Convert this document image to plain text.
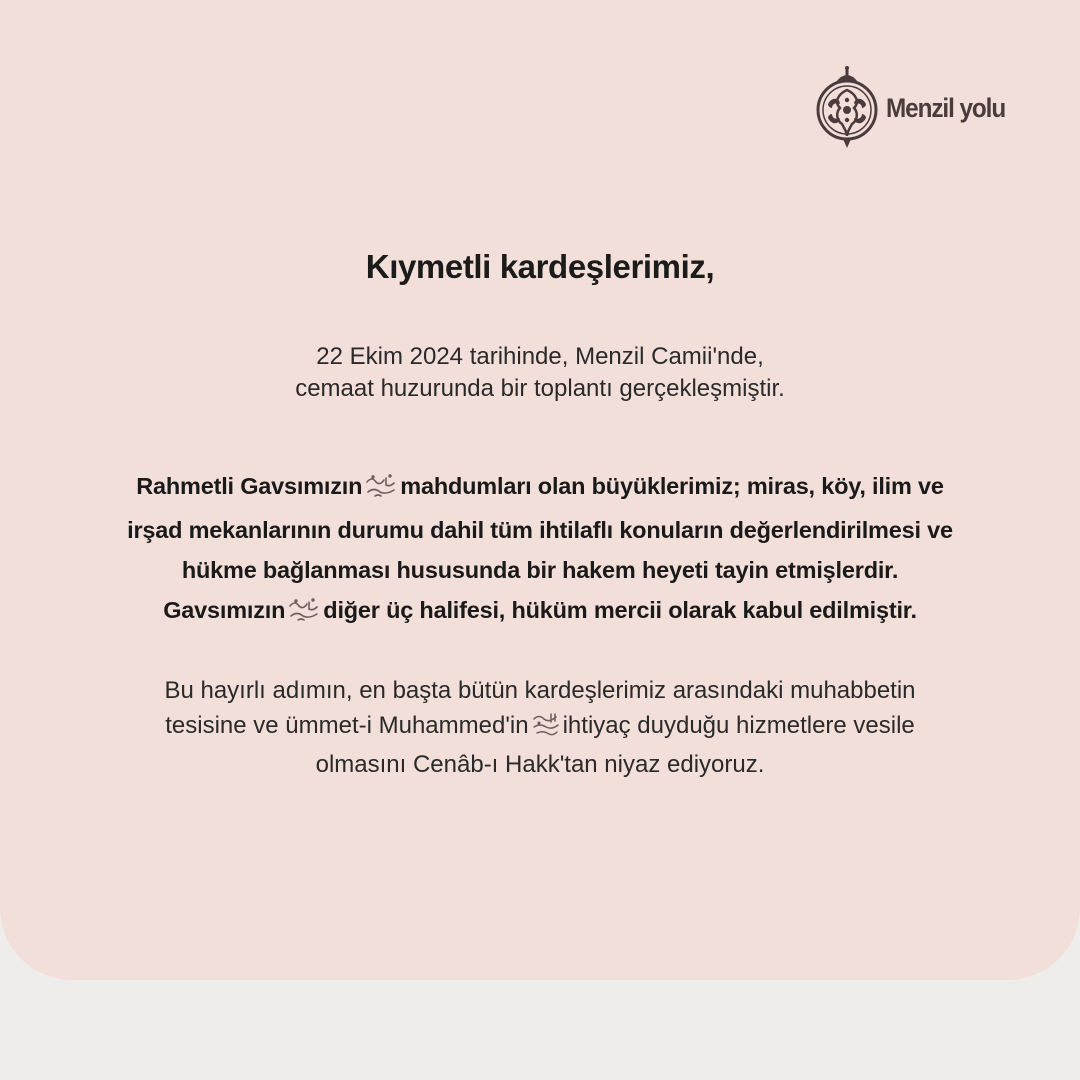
Menzil yolu
Kıymetli kardeşlerimiz,

22 Ekim 2024 tarihinde, Menzil Camii'nde,
cemaat huzurunda bir toplantı gerçekleşmiştir.

Rahmetli Gavsımızın mahdumları olan büyüklerimiz; miras, köy, ilim ve
irşad mekanlarının durumu dahil tüm ihtilaflı konuların değerlendirilmesi ve
hükme bağlanması hususunda bir hakem heyeti tayin etmişlerdir.
Gavsımızın diğer üç halifesi, hüküm mercii olarak kabul edilmiştir.

Bu hayırlı adımın, en başta bütün kardeşlerimiz arasındaki muhabbetin
tesisine ve ümmet-i Muhammed'in ihtiyaç duyduğu hizmetlere vesile
olmasını Cenâb-ı Hakk'tan niyaz ediyoruz.
